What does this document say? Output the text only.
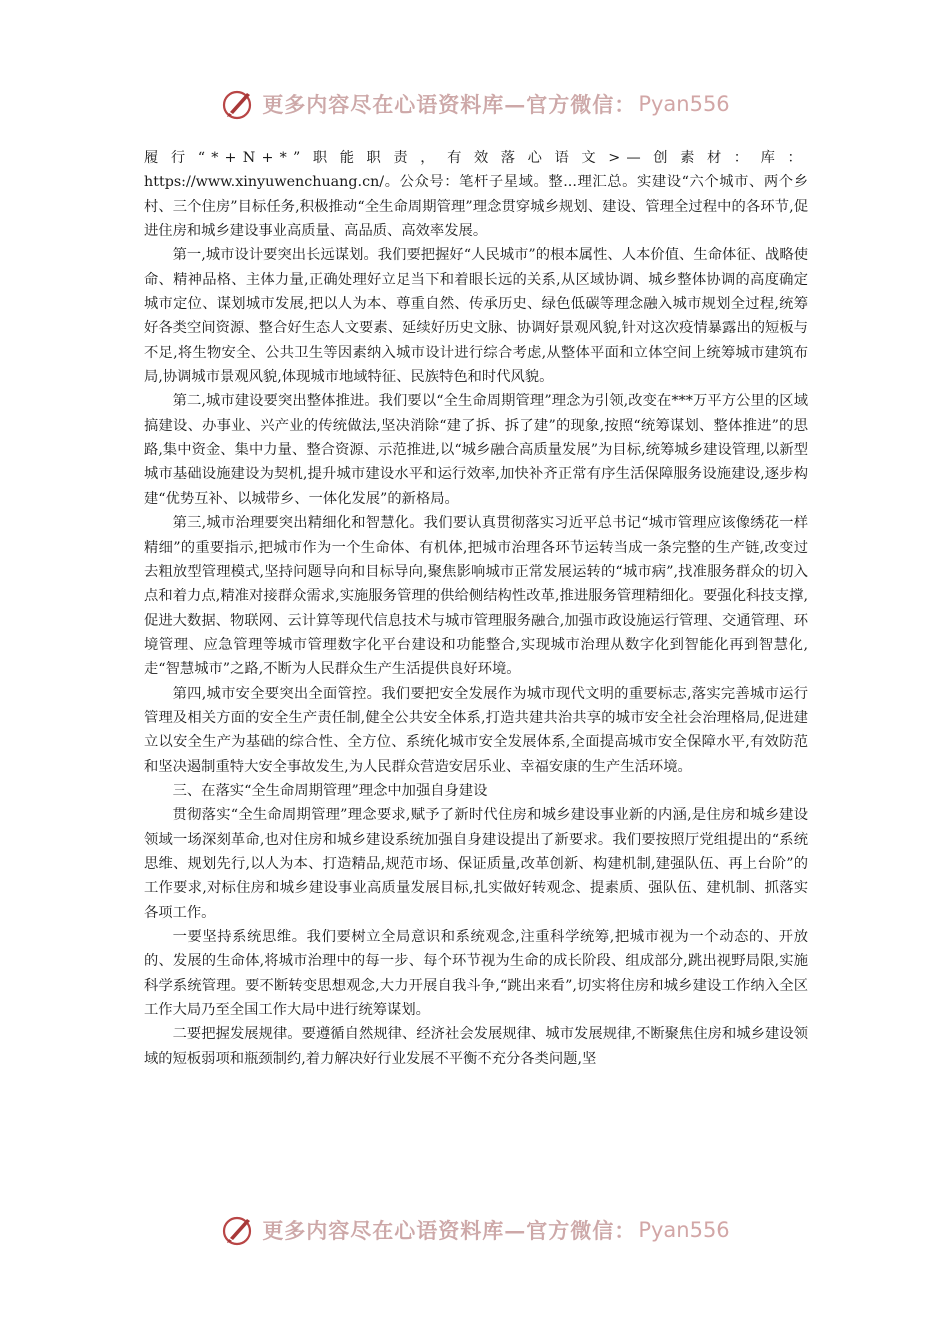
更多内容尽在心语资料库—官方微信： Pyan556

履行“*+N+*”职能职责，有效落心语文>—创素材：库： https://www.xinyuwenchuang.cn/。公众号：笔杆子星域。整...理汇总。实建设“六个城市、两个乡村、三个住房”目标任务,积极推动“全生命周期管理”理念贯穿城乡规划、建设、管理全过程中的各环节,促进住房和城乡建设事业高质量、高品质、高效率发展。

第一,城市设计要突出长远谋划。我们要把握好“人民城市”的根本属性、人本价值、生命体征、战略使命、精神品格、主体力量,正确处理好立足当下和着眼长远的关系,从区域协调、城乡整体协调的高度确定城市定位、谋划城市发展,把以人为本、尊重自然、传承历史、绿色低碳等理念融入城市规划全过程,统筹好各类空间资源、整合好生态人文要素、延续好历史文脉、协调好景观风貌,针对这次疫情暴露出的短板与不足,将生物安全、公共卫生等因素纳入城市设计进行综合考虑,从整体平面和立体空间上统筹城市建筑布局,协调城市景观风貌,体现城市地域特征、民族特色和时代风貌。

第二,城市建设要突出整体推进。我们要以“全生命周期管理”理念为引领,改变在***万平方公里的区域搞建设、办事业、兴产业的传统做法,坚决消除“建了拆、拆了建”的现象,按照“统筹谋划、整体推进”的思路,集中资金、集中力量、整合资源、示范推进,以“城乡融合高质量发展”为目标,统筹城乡建设管理,以新型城市基础设施建设为契机,提升城市建设水平和运行效率,加快补齐正常有序生活保障服务设施建设,逐步构建“优势互补、以城带乡、一体化发展”的新格局。

第三,城市治理要突出精细化和智慧化。我们要认真贯彻落实习近平总书记“城市管理应该像绣花一样精细”的重要指示,把城市作为一个生命体、有机体,把城市治理各环节运转当成一条完整的生产链,改变过去粗放型管理模式,坚持问题导向和目标导向,聚焦影响城市正常发展运转的“城市病”,找准服务群众的切入点和着力点,精准对接群众需求,实施服务管理的供给侧结构性改革,推进服务管理精细化。要强化科技支撑,促进大数据、物联网、云计算等现代信息技术与城市管理服务融合,加强市政设施运行管理、交通管理、环境管理、应急管理等城市管理数字化平台建设和功能整合,实现城市治理从数字化到智能化再到智慧化,走“智慧城市”之路,不断为人民群众生产生活提供良好环境。

第四,城市安全要突出全面管控。我们要把安全发展作为城市现代文明的重要标志,落实完善城市运行管理及相关方面的安全生产责任制,健全公共安全体系,打造共建共治共享的城市安全社会治理格局,促进建立以安全生产为基础的综合性、全方位、系统化城市安全发展体系,全面提高城市安全保障水平,有效防范和坚决遏制重特大安全事故发生,为人民群众营造安居乐业、幸福安康的生产生活环境。

三、在落实“全生命周期管理”理念中加强自身建设

贯彻落实“全生命周期管理”理念要求,赋予了新时代住房和城乡建设事业新的内涵,是住房和城乡建设领域一场深刻革命,也对住房和城乡建设系统加强自身建设提出了新要求。我们要按照厅党组提出的“系统思维、规划先行,以人为本、打造精品,规范市场、保证质量,改革创新、构建机制,建强队伍、再上台阶”的工作要求,对标住房和城乡建设事业高质量发展目标,扎实做好转观念、提素质、强队伍、建机制、抓落实各项工作。

一要坚持系统思维。我们要树立全局意识和系统观念,注重科学统筹,把城市视为一个动态的、开放的、发展的生命体,将城市治理中的每一步、每个环节视为生命的成长阶段、组成部分,跳出视野局限,实施科学系统管理。要不断转变思想观念,大力开展自我斗争,“跳出来看”,切实将住房和城乡建设工作纳入全区工作大局乃至全国工作大局中进行统筹谋划。

二要把握发展规律。要遵循自然规律、经济社会发展规律、城市发展规律,不断聚焦住房和城乡建设领域的短板弱项和瓶颈制约,着力解决好行业发展不平衡不充分各类问题,坚

更多内容尽在心语资料库—官方微信： Pyan556
